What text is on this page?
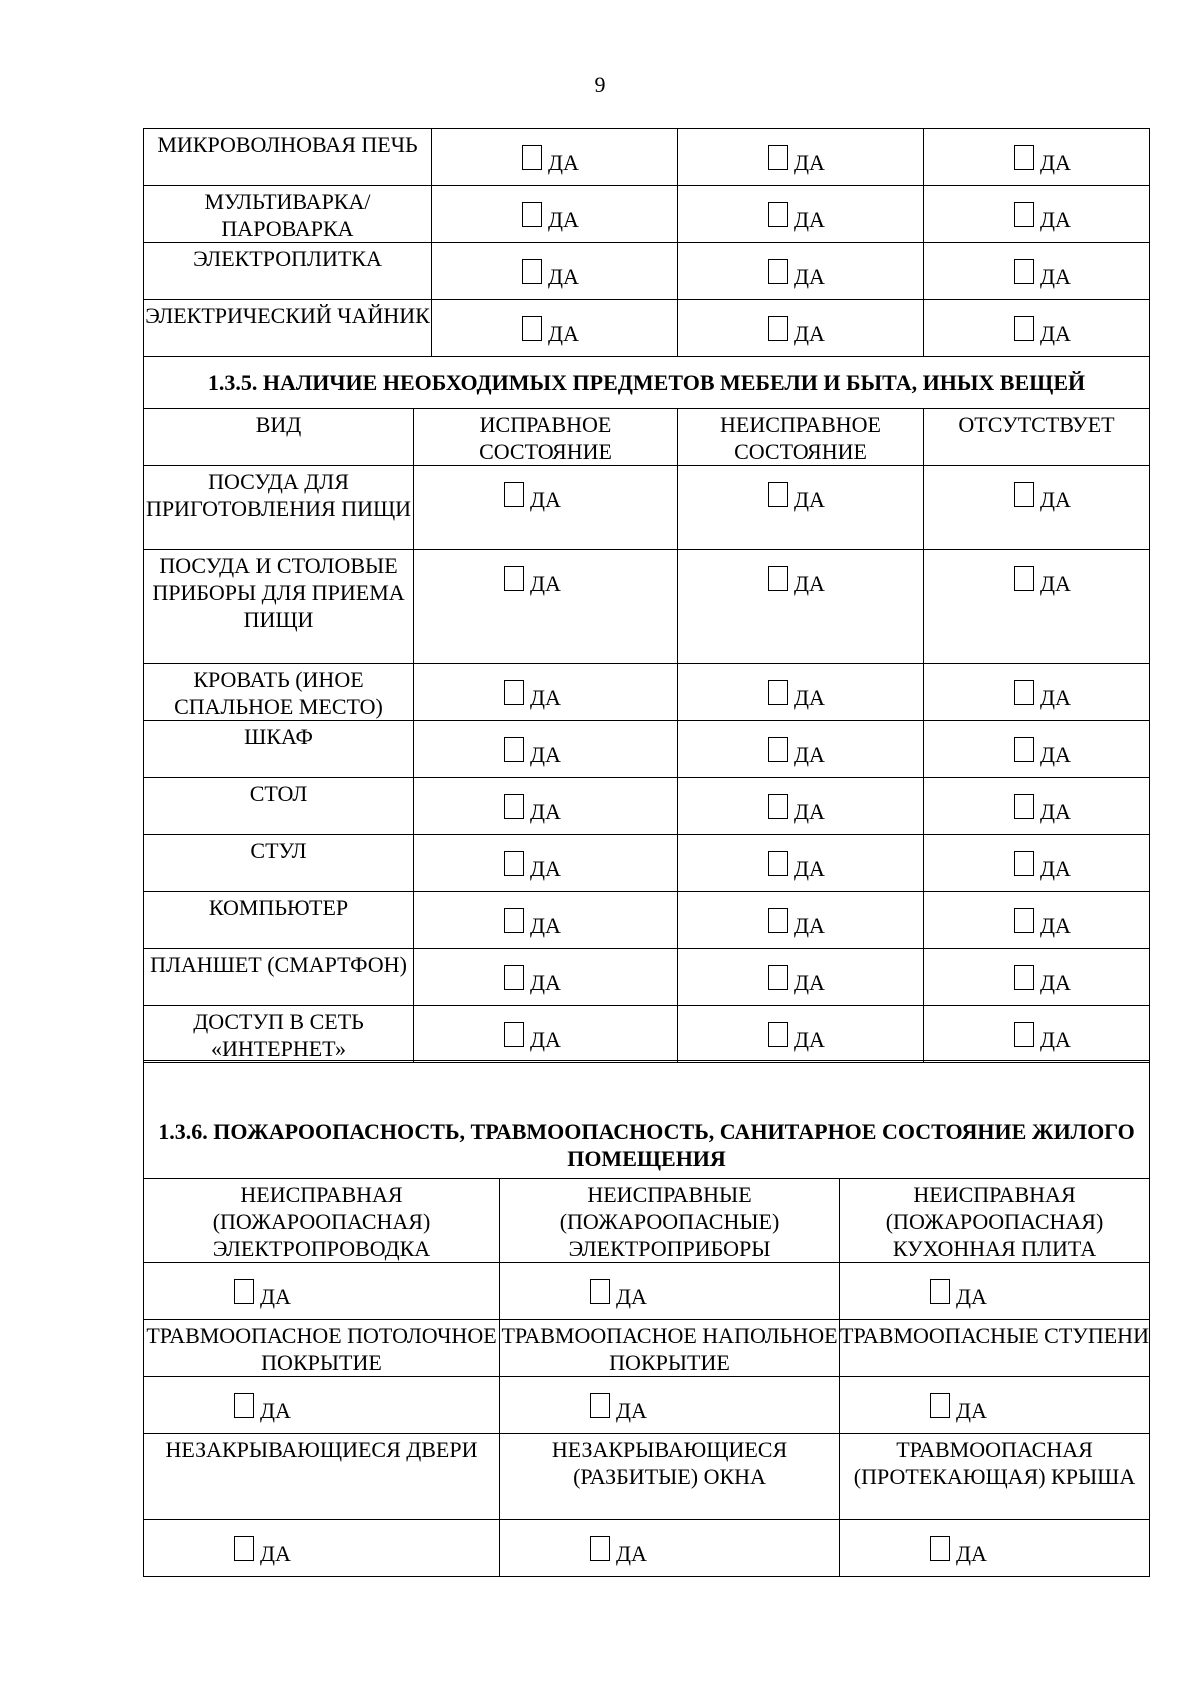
9
МИКРОВОЛНОВАЯ ПЕЧЬ	ДА	ДА	ДА

МУЛЬТИВАРКА/ ПАРОВАРКА	ДА	ДА	ДА

ЭЛЕКТРОПЛИТКА	ДА	ДА	ДА

ЭЛЕКТРИЧЕСКИЙ ЧАЙНИК	ДА	ДА	ДА
1.3.5. НАЛИЧИЕ НЕОБХОДИМЫХ ПРЕДМЕТОВ МЕБЕЛИ И БЫТА, ИНЫХ ВЕЩЕЙ			
ВИД	ИСПРАВНОЕ СОСТОЯНИЕ	НЕИСПРАВНОЕ СОСТОЯНИЕ	ОТСУТСТВУЕТ
ПОСУДА ДЛЯ ПРИГОТОВЛЕНИЯ ПИЩИ	ДА	ДА	ДА

ПОСУДА И СТОЛОВЫЕ ПРИБОРЫ ДЛЯ ПРИЕМА ПИЩИ	ДА	ДА	ДА

КРОВАТЬ (ИНОЕ СПАЛЬНОЕ МЕСТО)	ДА	ДА	ДА

ШКАФ	ДА	ДА	ДА

СТОЛ	ДА	ДА	ДА

СТУЛ	ДА	ДА	ДА

КОМПЬЮТЕР	ДА	ДА	ДА

ПЛАНШЕТ (СМАРТФОН)	ДА	ДА	ДА

ДОСТУП В СЕТЬ «ИНТЕРНЕТ»	ДА	ДА	ДА
1.3.6. ПОЖАРООПАСНОСТЬ, ТРАВМООПАСНОСТЬ, САНИТАРНОЕ СОСТОЯНИЕ ЖИЛОГО ПОМЕЩЕНИЯ		
НЕИСПРАВНАЯ (ПОЖАРООПАСНАЯ) ЭЛЕКТРОПРОВОДКА	НЕИСПРАВНЫЕ (ПОЖАРООПАСНЫЕ) ЭЛЕКТРОПРИБОРЫ	НЕИСПРАВНАЯ (ПОЖАРООПАСНАЯ) КУХОННАЯ ПЛИТА

ДА	ДА	ДА

ТРАВМООПАСНОЕ ПОТОЛОЧНОЕ ПОКРЫТИЕ	ТРАВМООПАСНОЕ НАПОЛЬНОЕ ПОКРЫТИЕ	ТРАВМООПАСНЫЕ СТУПЕНИ

ДА	ДА	ДА

НЕЗАКРЫВАЮЩИЕСЯ ДВЕРИ	НЕЗАКРЫВАЮЩИЕСЯ (РАЗБИТЫЕ) ОКНА	ТРАВМООПАСНАЯ (ПРОТЕКАЮЩАЯ) КРЫША

ДА	ДА	ДА
